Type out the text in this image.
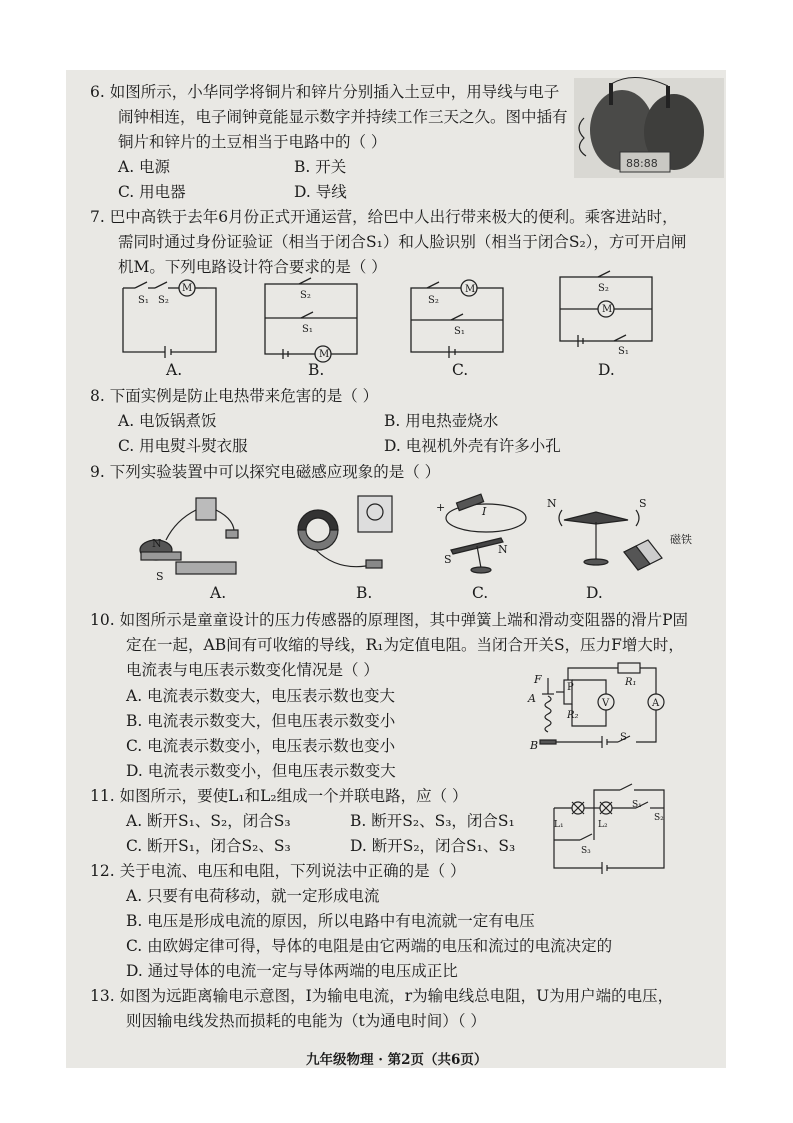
6. 如图所示，小华同学将铜片和锌片分别插入土豆中，用导线与电子
闹钟相连，电子闹钟竟能显示数字并持续工作三天之久。图中插有
铜片和锌片的土豆相当于电路中的（ ）
A. 电源	B. 开关
C. 用电器	D. 导线
88:88
7. 巴中高铁于去年6月份正式开通运营，给巴中人出行带来极大的便利。乘客进站时，
需同时通过身份证验证（相当于闭合S₁）和人脸识别（相当于闭合S₂），方可开启闸
机M。下列电路设计符合要求的是（ ）
S₁ S₂
M
A.
S₂
S₁
M
B.
S₂
M
S₁
C.
S₂
M
S₁
D.
8. 下面实例是防止电热带来危害的是（ ）
A. 电饭锅煮饭	B. 用电热壶烧水
C. 用电熨斗熨衣服	D. 电视机外壳有许多小孔
9. 下列实验装置中可以探究电磁感应现象的是（ ）
N
S
A.	B.
+	I
S
N
C.
N	S
磁铁
D.
10. 如图所示是童童设计的压力传感器的原理图，其中弹簧上端和滑动变阻器的滑片P固
定在一起，AB间有可收缩的导线，R₁为定值电阻。当闭合开关S，压力F增大时，
电流表与电压表示数变化情况是（ ）
A. 电流表示数变大，电压表示数也变大
B. 电流表示数变大，但电压表示数变小
C. 电流表示数变小，电压表示数也变小
D. 电流表示数变小，但电压表示数变大
F
A
P	R₁
R₂
V	A
B
S
11. 如图所示，要使L₁和L₂组成一个并联电路，应（ ）
A. 断开S₁、S₂，闭合S₃	B. 断开S₂、S₃，闭合S₁
C. 断开S₁，闭合S₂、S₃	D. 断开S₂，闭合S₁、S₃
S₁
L₁	L₂
S₂
S₃
12. 关于电流、电压和电阻，下列说法中正确的是（ ）
A. 只要有电荷移动，就一定形成电流
B. 电压是形成电流的原因，所以电路中有电流就一定有电压
C. 由欧姆定律可得，导体的电阻是由它两端的电压和流过的电流决定的
D. 通过导体的电流一定与导体两端的电压成正比
13. 如图为远距离输电示意图，I为输电电流，r为输电线总电阻，U为用户端的电压，
则因输电线发热而损耗的电能为（t为通电时间）（ ）
九年级物理 · 第2页（共6页）
